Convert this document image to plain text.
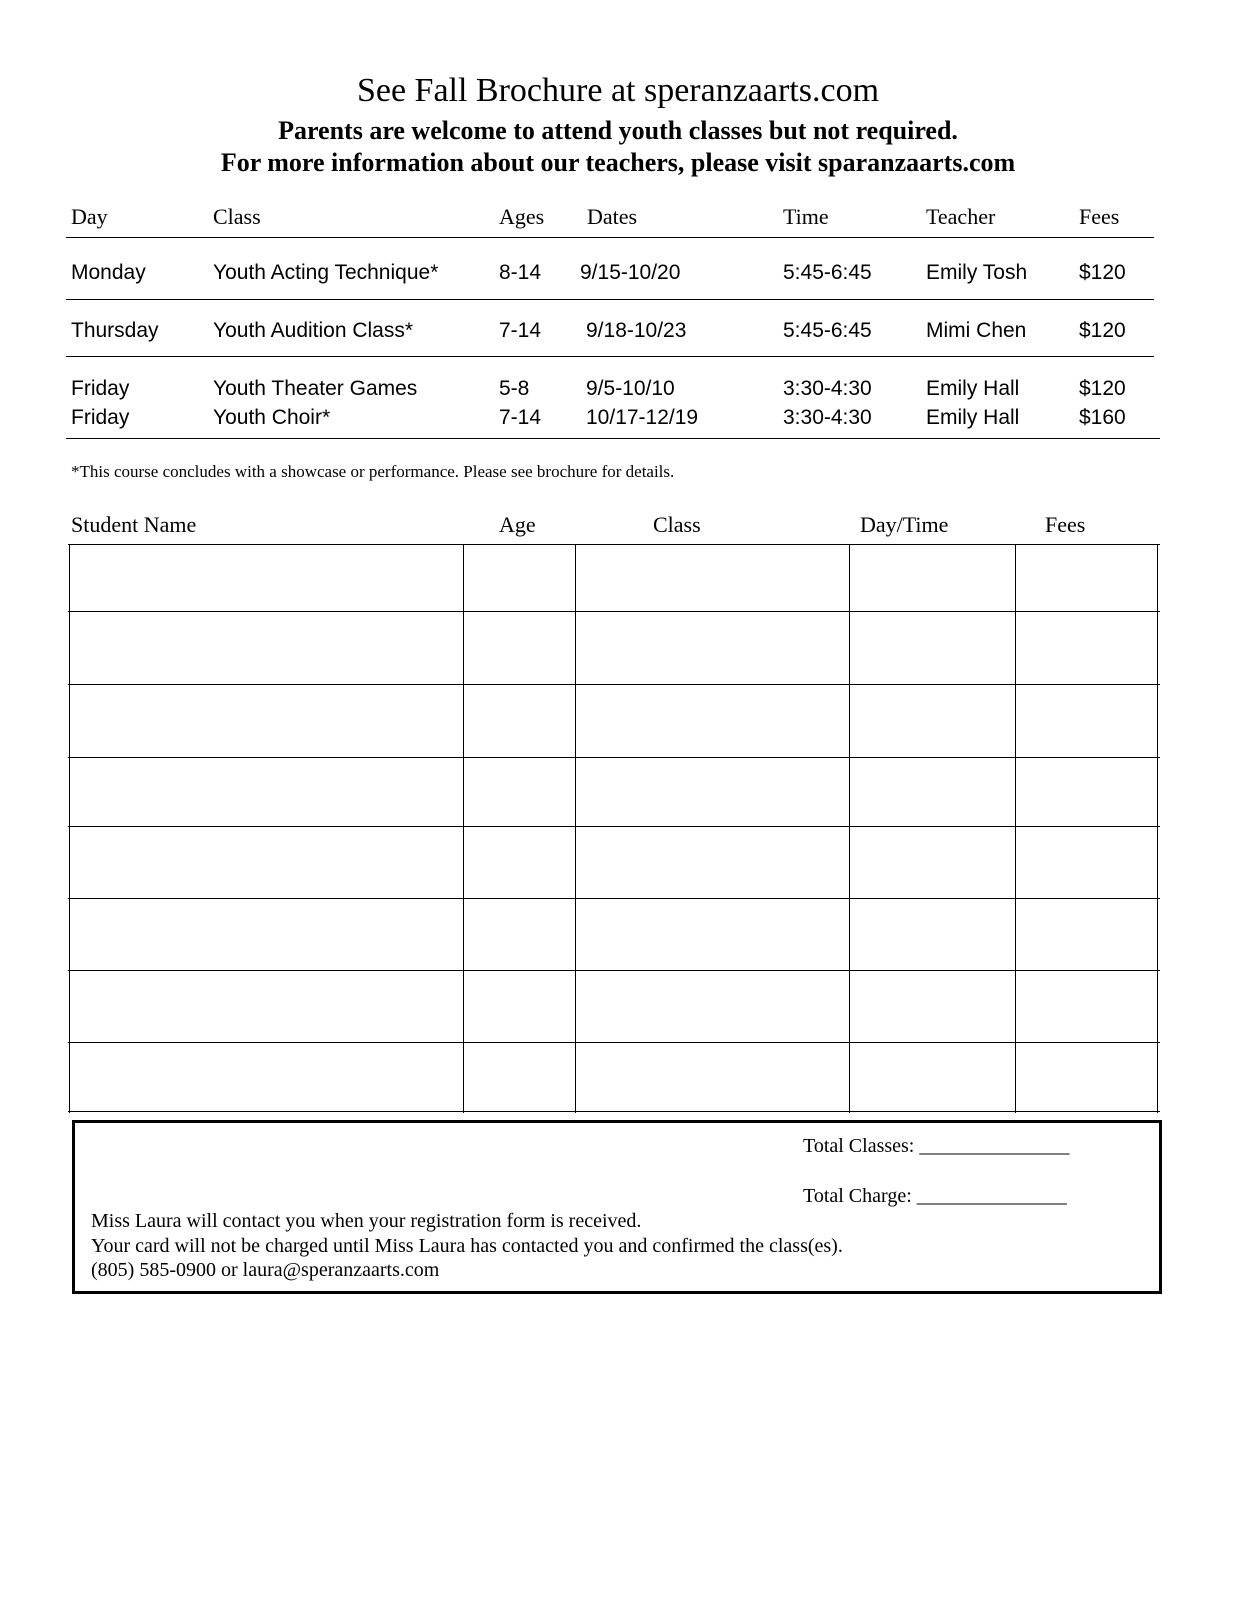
See Fall Brochure at speranzaarts.com
Parents are welcome to attend youth classes but not required.
For more information about our teachers, please visit sparanzaarts.com
Day	Class	Ages Dates	Time	Teacher	Fees
Monday	Youth Acting Technique*	8-14 9/15-10/20	5:45-6:45	Emily Tosh $120
Thursday	Youth Audition Class*	7-14 9/18-10/23	5:45-6:45	Mimi Chen	$120
Friday	Youth Theater Games	5-8	9/5-10/10	3:30-4:30	Emily Hall	$120
Friday	Youth Choir*	7-14 10/17-12/19	3:30-4:30	Emily Hall	$160
*This course concludes with a showcase or performance. Please see brochure for details.
Student Name	Age	Class	Day/Time	Fees
Total Classes: _______________
Total Charge: _______________
Miss Laura will contact you when your registration form is received.
Your card will not be charged until Miss Laura has contacted you and confirmed the class(es).
(805) 585-0900 or laura@speranzaarts.com
